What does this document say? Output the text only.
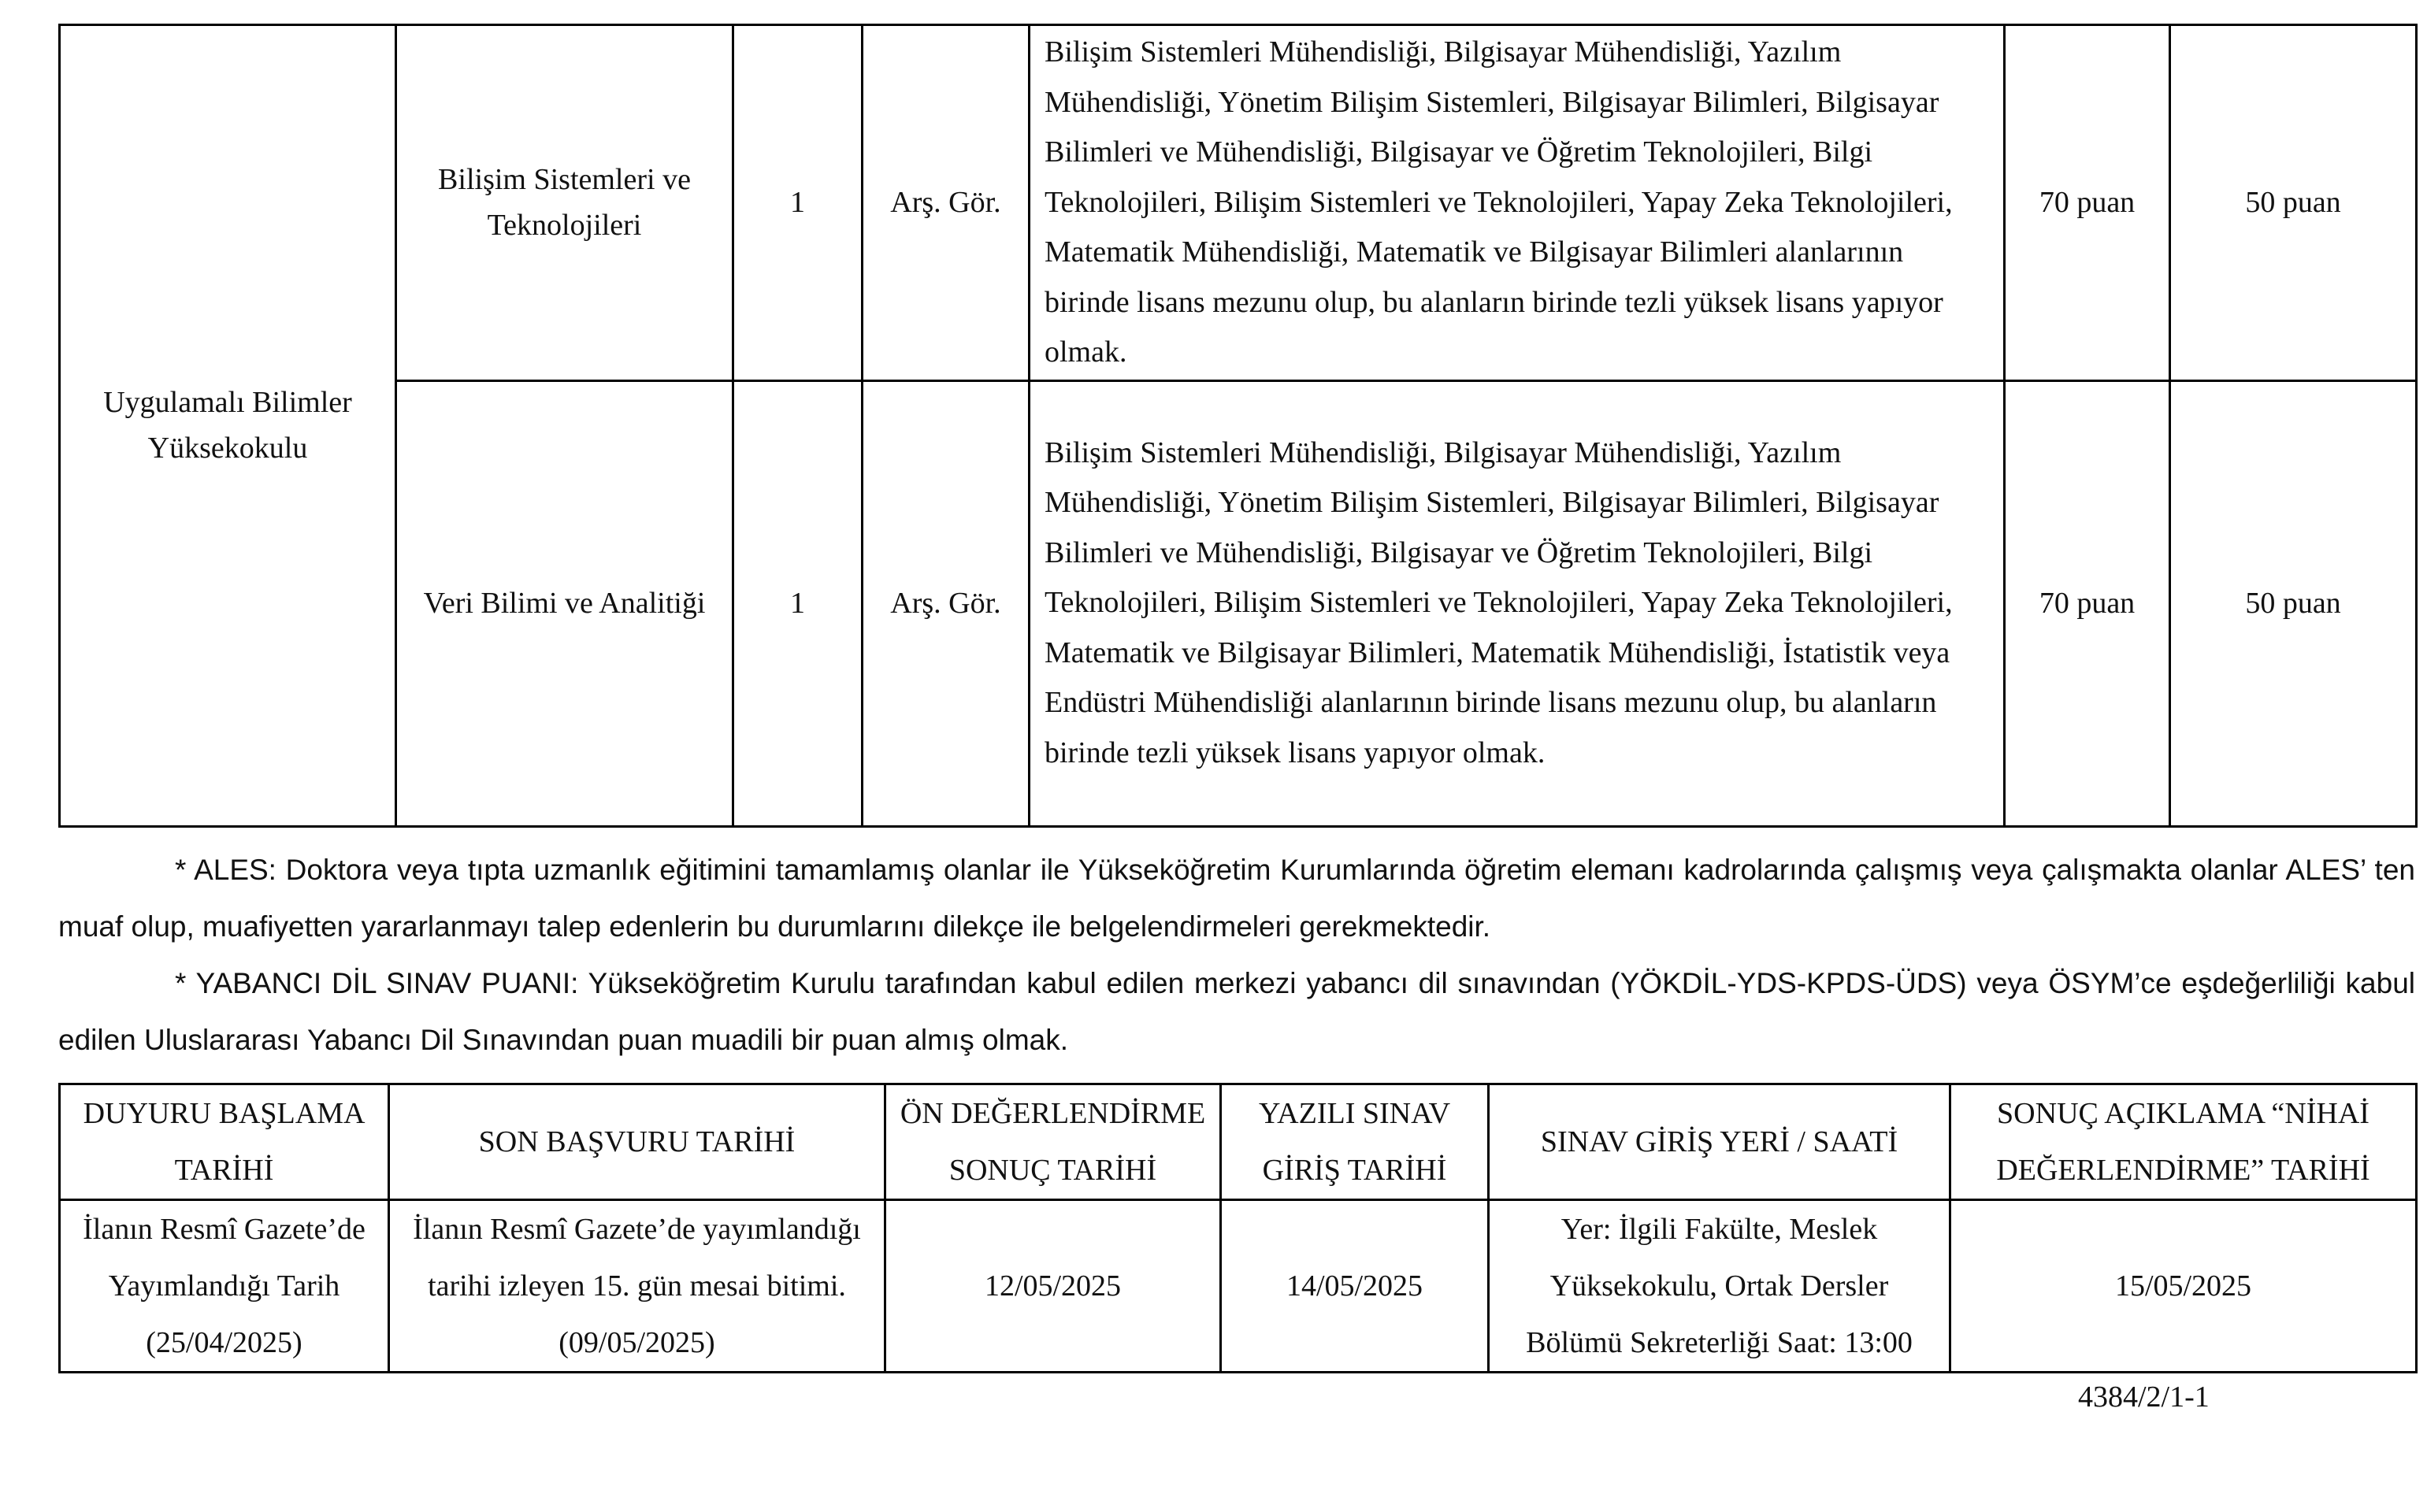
Uygulamalı Bilimler Yüksekokulu	Bilişim Sistemleri ve Teknolojileri	1	Arş. Gör.	Bilişim Sistemleri Mühendisliği, Bilgisayar Mühendisliği, Yazılım Mühendisliği, Yönetim Bilişim Sistemleri, Bilgisayar Bilimleri, Bilgisayar Bilimleri ve Mühendisliği, Bilgisayar ve Öğretim Teknolojileri, Bilgi Teknolojileri, Bilişim Sistemleri ve Teknolojileri, Yapay Zeka Teknolojileri, Matematik Mühendisliği, Matematik ve Bilgisayar Bilimleri alanlarının birinde lisans mezunu olup, bu alanların birinde tezli yüksek lisans yapıyor olmak.	70 puan	50 puan
	Veri Bilimi ve Analitiği	1	Arş. Gör.	Bilişim Sistemleri Mühendisliği, Bilgisayar Mühendisliği, Yazılım Mühendisliği, Yönetim Bilişim Sistemleri, Bilgisayar Bilimleri, Bilgisayar Bilimleri ve Mühendisliği, Bilgisayar ve Öğretim Teknolojileri, Bilgi Teknolojileri, Bilişim Sistemleri ve Teknolojileri, Yapay Zeka Teknolojileri, Matematik ve Bilgisayar Bilimleri, Matematik Mühendisliği, İstatistik veya Endüstri Mühendisliği alanlarının birinde lisans mezunu olup, bu alanların birinde tezli yüksek lisans yapıyor olmak.	70 puan	50 puan

* ALES: Doktora veya tıpta uzmanlık eğitimini tamamlamış olanlar ile Yükseköğretim Kurumlarında öğretim elemanı kadrolarında çalışmış veya çalışmakta olanlar ALES’ ten muaf olup, muafiyetten yararlanmayı talep edenlerin bu durumlarını dilekçe ile belgelendirmeleri gerekmektedir.

* YABANCI DİL SINAV PUANI: Yükseköğretim Kurulu tarafından kabul edilen merkezi yabancı dil sınavından (YÖKDİL-YDS-KPDS-ÜDS) veya ÖSYM’ce eşdeğerliliği kabul edilen Uluslararası Yabancı Dil Sınavından puan muadili bir puan almış olmak.

DUYURU BAŞLAMA TARİHİ	SON BAŞVURU TARİHİ	ÖN DEĞERLENDİRME SONUÇ TARİHİ	YAZILI SINAV GİRİŞ TARİHİ	SINAV GİRİŞ YERİ / SAATİ	SONUÇ AÇIKLAMA “NİHAİ DEĞERLENDİRME” TARİHİ
İlanın Resmî Gazete’de Yayımlandığı Tarih (25/04/2025)	İlanın Resmî Gazete’de yayımlandığı tarihi izleyen 15. gün mesai bitimi. (09/05/2025)	12/05/2025	14/05/2025	Yer: İlgili Fakülte, Meslek Yüksekokulu, Ortak Dersler Bölümü Sekreterliği Saat: 13:00	15/05/2025
4384/2/1-1
